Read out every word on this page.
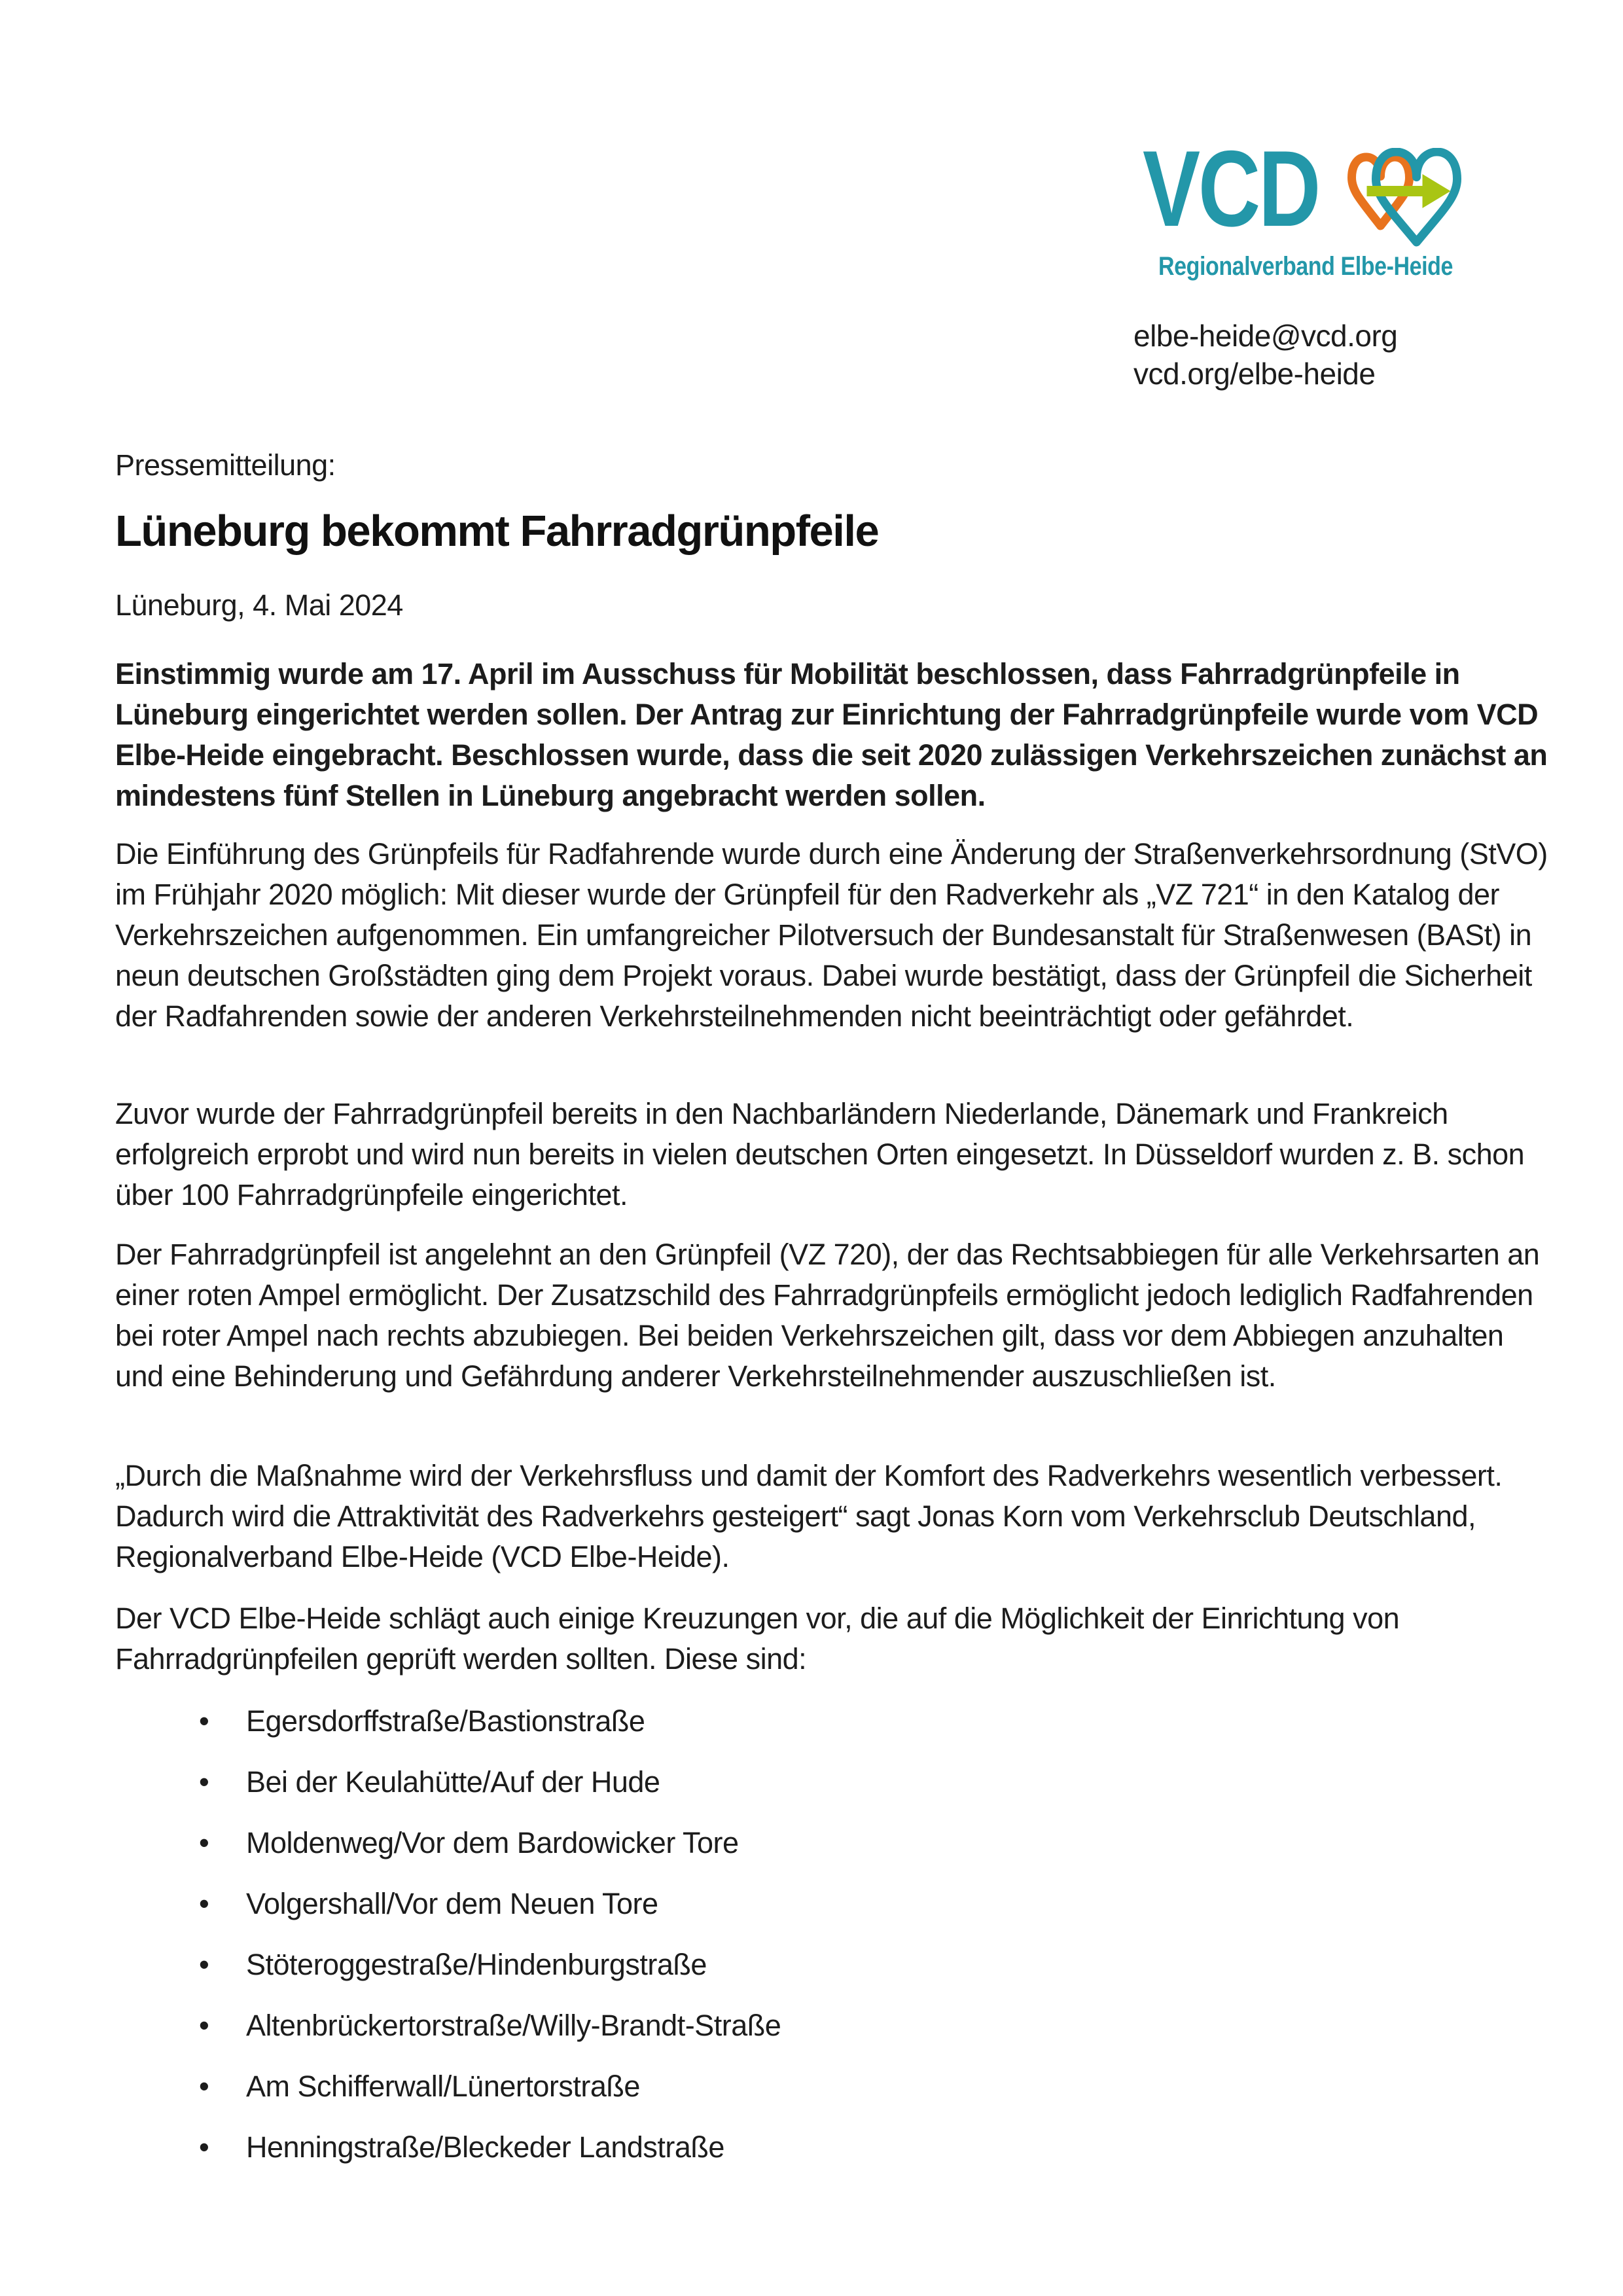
VCD
Regionalverband Elbe-Heide
elbe-heide@vcd.org
vcd.org/elbe-heide

Pressemitteilung:

Lüneburg bekommt Fahrradgrünpfeile

Lüneburg, 4. Mai 2024

Einstimmig wurde am 17. April im Ausschuss für Mobilität beschlossen, dass Fahrradgrünpfeile in Lüneburg eingerichtet werden sollen. Der Antrag zur Einrichtung der Fahrradgrünpfeile wurde vom VCD Elbe-Heide eingebracht. Beschlossen wurde, dass die seit 2020 zulässigen Verkehrszeichen zunächst an mindestens fünf Stellen in Lüneburg angebracht werden sollen.

Die Einführung des Grünpfeils für Radfahrende wurde durch eine Änderung der Straßenverkehrsordnung (StVO) im Frühjahr 2020 möglich: Mit dieser wurde der Grünpfeil für den Radverkehr als „VZ 721“ in den Katalog der Verkehrszeichen aufgenommen. Ein umfangreicher Pilotversuch der Bundesanstalt für Straßenwesen (BASt) in neun deutschen Großstädten ging dem Projekt voraus. Dabei wurde bestätigt, dass der Grünpfeil die Sicherheit der Radfahrenden sowie der anderen Verkehrsteilnehmenden nicht beeinträchtigt oder gefährdet.

Zuvor wurde der Fahrradgrünpfeil bereits in den Nachbarländern Niederlande, Dänemark und Frankreich erfolgreich erprobt und wird nun bereits in vielen deutschen Orten eingesetzt. In Düsseldorf wurden z. B. schon über 100 Fahrradgrünpfeile eingerichtet.

Der Fahrradgrünpfeil ist angelehnt an den Grünpfeil (VZ 720), der das Rechtsabbiegen für alle Verkehrsarten an einer roten Ampel ermöglicht. Der Zusatzschild des Fahrradgrünpfeils ermöglicht jedoch lediglich Radfahrenden bei roter Ampel nach rechts abzubiegen. Bei beiden Verkehrszeichen gilt, dass vor dem Abbiegen anzuhalten und eine Behinderung und Gefährdung anderer Verkehrsteilnehmender auszuschließen ist.

„Durch die Maßnahme wird der Verkehrsfluss und damit der Komfort des Radverkehrs wesentlich verbessert. Dadurch wird die Attraktivität des Radverkehrs gesteigert“ sagt Jonas Korn vom Verkehrsclub Deutschland, Regionalverband Elbe-Heide (VCD Elbe-Heide).

Der VCD Elbe-Heide schlägt auch einige Kreuzungen vor, die auf die Möglichkeit der Einrichtung von Fahrradgrünpfeilen geprüft werden sollten. Diese sind:

• Egersdorffstraße/Bastionstraße
• Bei der Keulahütte/Auf der Hude
• Moldenweg/Vor dem Bardowicker Tore
• Volgershall/Vor dem Neuen Tore
• Stöteroggestraße/Hindenburgstraße
• Altenbrückertorstraße/Willy-Brandt-Straße
• Am Schifferwall/Lünertorstraße
• Henningstraße/Bleckeder Landstraße
